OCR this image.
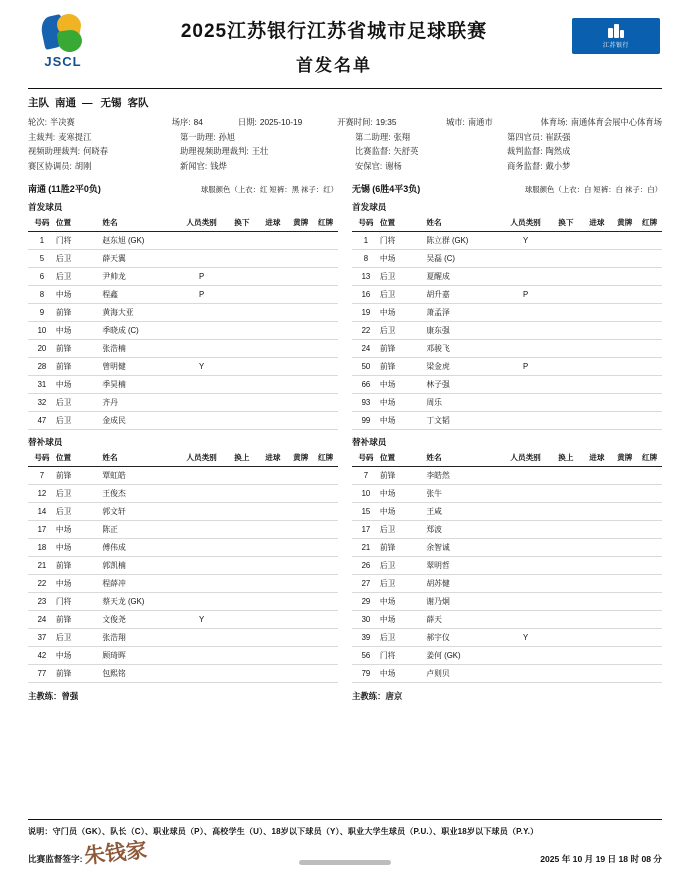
JSCL
2025江苏银行江苏省城市足球联赛
首发名单
江苏银行
主队 南通 — 无锡 客队
轮次: 半决赛	场序: 84	日期: 2025-10-19	开赛时间: 19:35	城市: 南通市	体育场: 南通体育会展中心体育场
主裁判: 麦寒提江	第一助理: 孙旭	第二助理: 张翔	第四官员: 崔跃强
视频助理裁判: 何晓春	助理视频助理裁判: 王壮	比赛监督: 矢舒英	裁判监督: 陶然成
赛区协调员: 胡刚	新闻官: 钱烨	安保官: 谢杨	商务监督: 戴小梦
南通 (11胜2平0负)	球服颜色（上衣：红 短裤：黑 袜子：红）
首发球员
号码	位置	姓名	人员类别	换下	进球	黄牌	红牌
1	门将	赵东旭 (GK)					
5	后卫	薛天翼					
6	后卫	尹帅龙	P				
8	中场	程鑫	P				
9	前锋	黄海大亚					
10	中场	季晓成 (C)					
20	前锋	张浩楠					
28	前锋	曾明健	Y				
31	中场	季昊楠					
32	后卫	齐丹					
47	后卫	金成民					
替补球员
号码	位置	姓名	人员类别	换上	进球	黄牌	红牌
7	前锋	覃虹皓					
12	后卫	王俊杰					
14	后卫	郭文轩					
17	中场	陈正					
18	中场	傅伟成					
21	前锋	郭凯楠					
22	中场	程薛冲					
23	门将	蔡天龙 (GK)					
24	前锋	文俊尧	Y				
37	后卫	张浩翔					
42	中场	顾琦晖					
77	前锋	包熙铭					
主教练：曾强
无锡 (6胜4平3负)	球服颜色（上衣：白 短裤：白 袜子：白）
首发球员
号码	位置	姓名	人员类别	换下	进球	黄牌	红牌
1	门将	陈立群 (GK)	Y				
8	中场	吴磊 (C)					
13	后卫	夏醒成					
16	后卫	胡升嘉	P				
19	中场	萧孟泽					
22	后卫	康东强					
24	前锋	邓骏飞					
50	前锋	梁金虎	P				
66	中场	林子强					
93	中场	周乐					
99	中场	丁文韬					
替补球员
号码	位置	姓名	人员类别	换上	进球	黄牌	红牌
7	前锋	李皓然					
10	中场	张牛					
15	中场	王咸					
17	后卫	郑波					
21	前锋	余智诚					
26	后卫	翠明哲					
27	后卫	胡苏健					
29	中场	谢乃炯					
30	中场	薛天					
39	后卫	郝宇仪	Y				
56	门将	姜何 (GK)					
79	中场	卢则贝					
主教练：唐京
说明：守门员（GK）、队长（C）、职业球员（P）、高校学生（U）、18岁以下球员（Y）、职业大学生球员（P.U.）、职业18岁以下球员（P.Y.）
比赛监督签字: 朱钱家	2025 年 10 月 19 日 18 时 08 分
